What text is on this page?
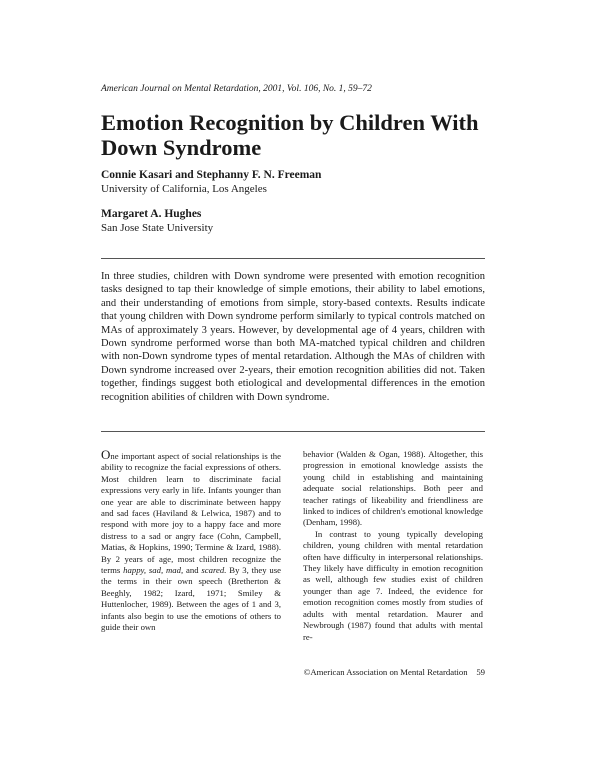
American Journal on Mental Retardation, 2001, Vol. 106, No. 1, 59–72
Emotion Recognition by Children With Down Syndrome
Connie Kasari and Stephanny F. N. Freeman
University of California, Los Angeles
Margaret A. Hughes
San Jose State University

In three studies, children with Down syndrome were presented with emotion recognition tasks designed to tap their knowledge of simple emotions, their ability to label emotions, and their understanding of emotions from simple, story-based contexts. Results indicate that young children with Down syndrome perform similarly to typical controls matched on MAs of approximately 3 years. However, by developmental age of 4 years, children with Down syndrome performed worse than both MA-matched typical children and children with non-Down syndrome types of mental retardation. Although the MAs of children with Down syndrome increased over 2-years, their emotion recognition abilities did not. Taken together, findings suggest both etiological and developmental differences in the emotion recognition abilities of children with Down syndrome.

One important aspect of social relationships is the ability to recognize the facial expressions of others. Most children learn to discriminate facial expressions very early in life. Infants younger than one year are able to discriminate between happy and sad faces (Haviland & Lelwica, 1987) and to respond with more joy to a happy face and more distress to a sad or angry face (Cohn, Campbell, Matias, & Hopkins, 1990; Termine & Izard, 1988). By 2 years of age, most children recognize the terms happy, sad, mad, and scared. By 3, they use the terms in their own speech (Bretherton & Beeghly, 1982; Izard, 1971; Smiley & Huttenlocher, 1989). Between the ages of 1 and 3, infants also begin to use the emotions of others to guide their own

behavior (Walden & Ogan, 1988). Altogether, this progression in emotional knowledge assists the young child in establishing and maintaining adequate social relationships. Both peer and teacher ratings of likeability and friendliness are linked to indices of children's emotional knowledge (Denham, 1998).
In contrast to young typically developing children, young children with mental retardation often have difficulty in interpersonal relationships. They likely have difficulty in emotion recognition as well, although few studies exist of children younger than age 7. Indeed, the evidence for emotion recognition comes mostly from studies of adults with mental retardation. Maurer and Newbrough (1987) found that adults with mental re-
©American Association on Mental Retardation 59
